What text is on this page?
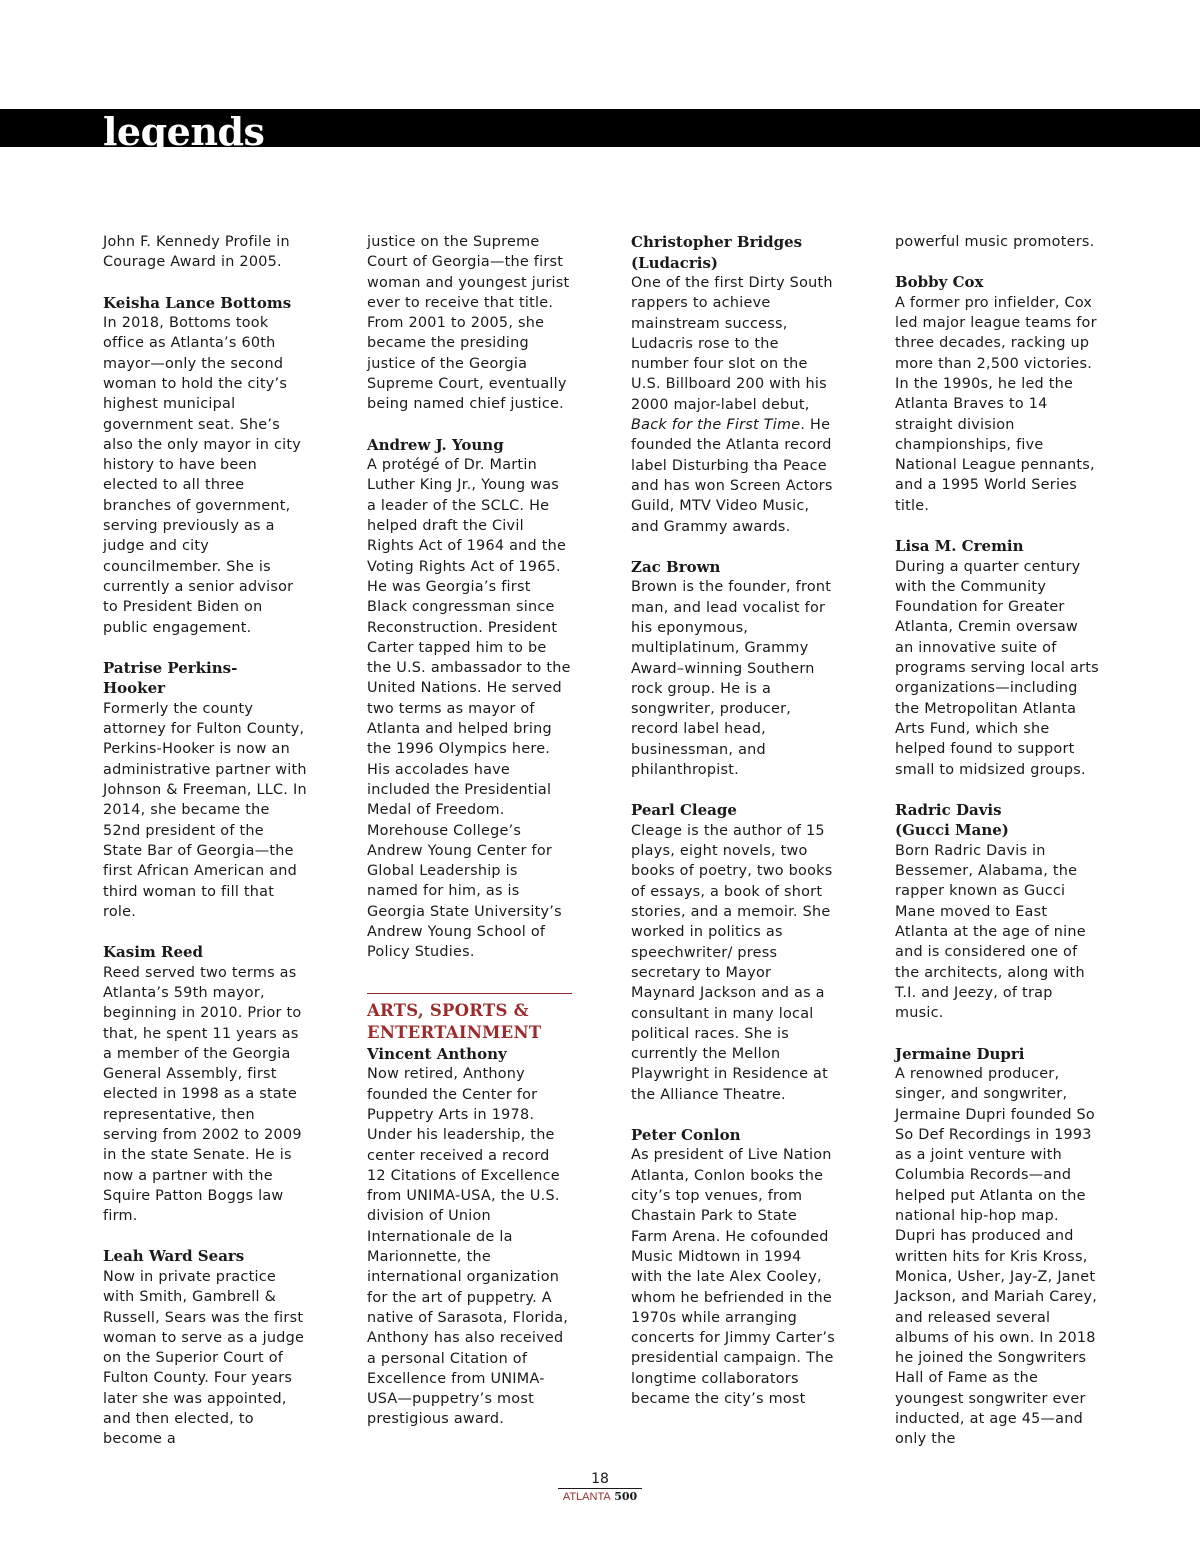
legends

John F. Kennedy Profile in Courage Award in 2005.

Keisha Lance Bottoms

In 2018, Bottoms took office as Atlanta’s 60th mayor—only the second woman to hold the city’s highest municipal government seat. She’s also the only mayor in city history to have been elected to all three branches of government, serving previously as a judge and city councilmember. She is currently a senior advisor to President Biden on public engagement.

Patrise Perkins-Hooker

Formerly the county attorney for Fulton County, Perkins-Hooker is now an administrative partner with Johnson & Freeman, LLC. In 2014, she became the 52nd president of the State Bar of Georgia—the first African American and third woman to fill that role.

Kasim Reed

Reed served two terms as Atlanta’s 59th mayor, beginning in 2010. Prior to that, he spent 11 years as a member of the Georgia General Assembly, first elected in 1998 as a state representative, then serving from 2002 to 2009 in the state Senate. He is now a partner with the Squire Patton Boggs law firm.

Leah Ward Sears

Now in private practice with Smith, Gambrell & Russell, Sears was the first woman to serve as a judge on the Superior Court of Fulton County. Four years later she was appointed, and then elected, to become a

justice on the Supreme Court of Georgia—the first woman and youngest jurist ever to receive that title. From 2001 to 2005, she became the presiding justice of the Georgia Supreme Court, eventually being named chief justice.

Andrew J. Young

A protégé of Dr. Martin Luther King Jr., Young was a leader of the SCLC. He helped draft the Civil Rights Act of 1964 and the Voting Rights Act of 1965. He was Georgia’s first Black congressman since Reconstruction. President Carter tapped him to be the U.S. ambassador to the United Nations. He served two terms as mayor of Atlanta and helped bring the 1996 Olympics here. His accolades have included the Presidential Medal of Freedom. Morehouse College’s Andrew Young Center for Global Leadership is named for him, as is Georgia State University’s Andrew Young School of Policy Studies.

ARTS, SPORTS & ENTERTAINMENT

Vincent Anthony

Now retired, Anthony founded the Center for Puppetry Arts in 1978. Under his leadership, the center received a record 12 Citations of Excellence from UNIMA-USA, the U.S. division of Union Internationale de la Marionnette, the international organization for the art of puppetry. A native of Sarasota, Florida, Anthony has also received a personal Citation of Excellence from UNIMA-USA—puppetry’s most prestigious award.

Christopher Bridges (Ludacris)

One of the first Dirty South rappers to achieve mainstream success, Ludacris rose to the number four slot on the U.S. Billboard 200 with his 2000 major-label debut, Back for the First Time. He founded the Atlanta record label Disturbing tha Peace and has won Screen Actors Guild, MTV Video Music, and Grammy awards.

Zac Brown

Brown is the founder, front man, and lead vocalist for his eponymous, multiplatinum, Grammy Award–winning Southern rock group. He is a songwriter, producer, record label head, businessman, and philanthropist.

Pearl Cleage

Cleage is the author of 15 plays, eight novels, two books of poetry, two books of essays, a book of short stories, and a memoir. She worked in politics as speechwriter/ press secretary to Mayor Maynard Jackson and as a consultant in many local political races. She is currently the Mellon Playwright in Residence at the Alliance Theatre.

Peter Conlon

As president of Live Nation Atlanta, Conlon books the city’s top venues, from Chastain Park to State Farm Arena. He cofounded Music Midtown in 1994 with the late Alex Cooley, whom he befriended in the 1970s while arranging concerts for Jimmy Carter’s presidential campaign. The longtime collaborators became the city’s most

powerful music promoters.

Bobby Cox

A former pro infielder, Cox led major league teams for three decades, racking up more than 2,500 victories. In the 1990s, he led the Atlanta Braves to 14 straight division championships, five National League pennants, and a 1995 World Series title.

Lisa M. Cremin

During a quarter century with the Community Foundation for Greater Atlanta, Cremin oversaw an innovative suite of programs serving local arts organizations—including the Metropolitan Atlanta Arts Fund, which she helped found to support small to midsized groups.

Radric Davis (Gucci Mane)

Born Radric Davis in Bessemer, Alabama, the rapper known as Gucci Mane moved to East Atlanta at the age of nine and is considered one of the architects, along with T.I. and Jeezy, of trap music.

Jermaine Dupri

A renowned producer, singer, and songwriter, Jermaine Dupri founded So So Def Recordings in 1993 as a joint venture with Columbia Records—and helped put Atlanta on the national hip-hop map. Dupri has produced and written hits for Kris Kross, Monica, Usher, Jay-Z, Janet Jackson, and Mariah Carey, and released several albums of his own. In 2018 he joined the Songwriters Hall of Fame as the youngest songwriter ever inducted, at age 45—and only the

18
ATLANTA 500
